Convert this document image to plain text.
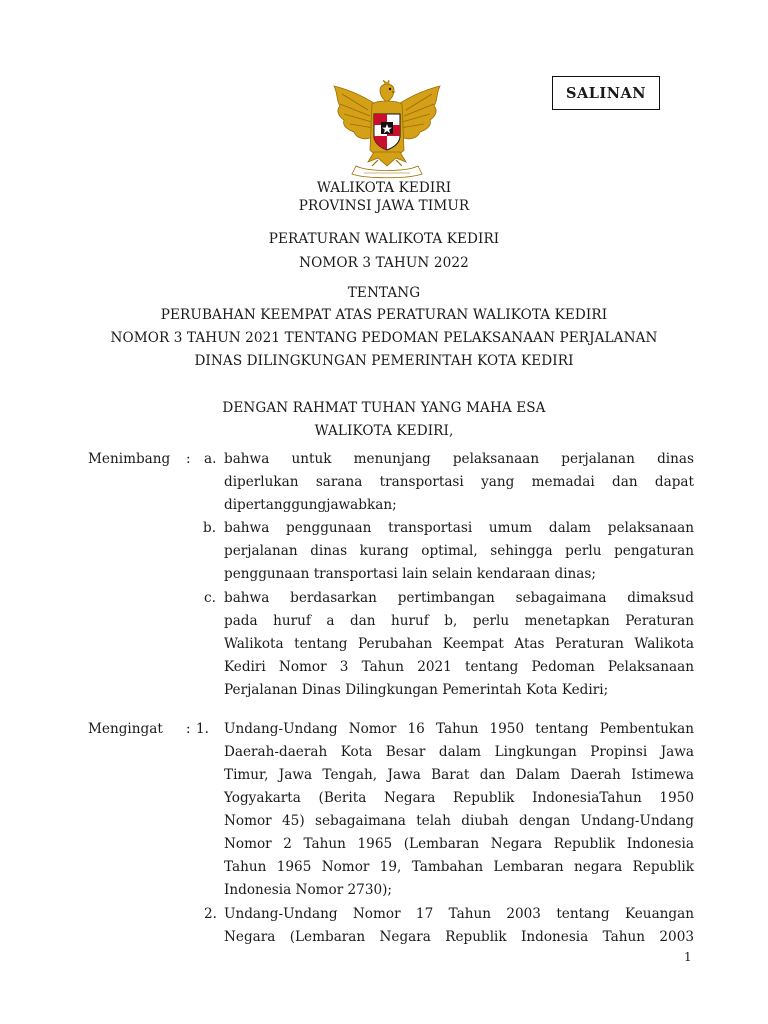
SALINAN
WALIKOTA KEDIRI
PROVINSI JAWA TIMUR
PERATURAN WALIKOTA KEDIRI
NOMOR 3 TAHUN 2022
TENTANG
PERUBAHAN KEEMPAT ATAS PERATURAN WALIKOTA KEDIRI
NOMOR 3 TAHUN 2021 TENTANG PEDOMAN PELAKSANAAN PERJALANAN
DINAS DILINGKUNGAN PEMERINTAH KOTA KEDIRI
DENGAN RAHMAT TUHAN YANG MAHA ESA
WALIKOTA KEDIRI,
Menimbang : a. bahwa untuk menunjang pelaksanaan perjalanan dinas
diperlukan sarana transportasi yang memadai dan dapat
dipertanggungjawabkan;
b. bahwa penggunaan transportasi umum dalam pelaksanaan
perjalanan dinas kurang optimal, sehingga perlu pengaturan
penggunaan transportasi lain selain kendaraan dinas;
c. bahwa berdasarkan pertimbangan sebagaimana dimaksud
pada huruf a dan huruf b, perlu menetapkan Peraturan
Walikota tentang Perubahan Keempat Atas Peraturan Walikota
Kediri Nomor 3 Tahun 2021 tentang Pedoman Pelaksanaan
Perjalanan Dinas Dilingkungan Pemerintah Kota Kediri;
Mengingat : 1. Undang-Undang Nomor 16 Tahun 1950 tentang Pembentukan
Daerah-daerah Kota Besar dalam Lingkungan Propinsi Jawa
Timur, Jawa Tengah, Jawa Barat dan Dalam Daerah Istimewa
Yogyakarta (Berita Negara Republik IndonesiaTahun 1950
Nomor 45) sebagaimana telah diubah dengan Undang-Undang
Nomor 2 Tahun 1965 (Lembaran Negara Republik Indonesia
Tahun 1965 Nomor 19, Tambahan Lembaran negara Republik
Indonesia Nomor 2730);
2. Undang-Undang Nomor 17 Tahun 2003 tentang Keuangan
Negara (Lembaran Negara Republik Indonesia Tahun 2003
1
